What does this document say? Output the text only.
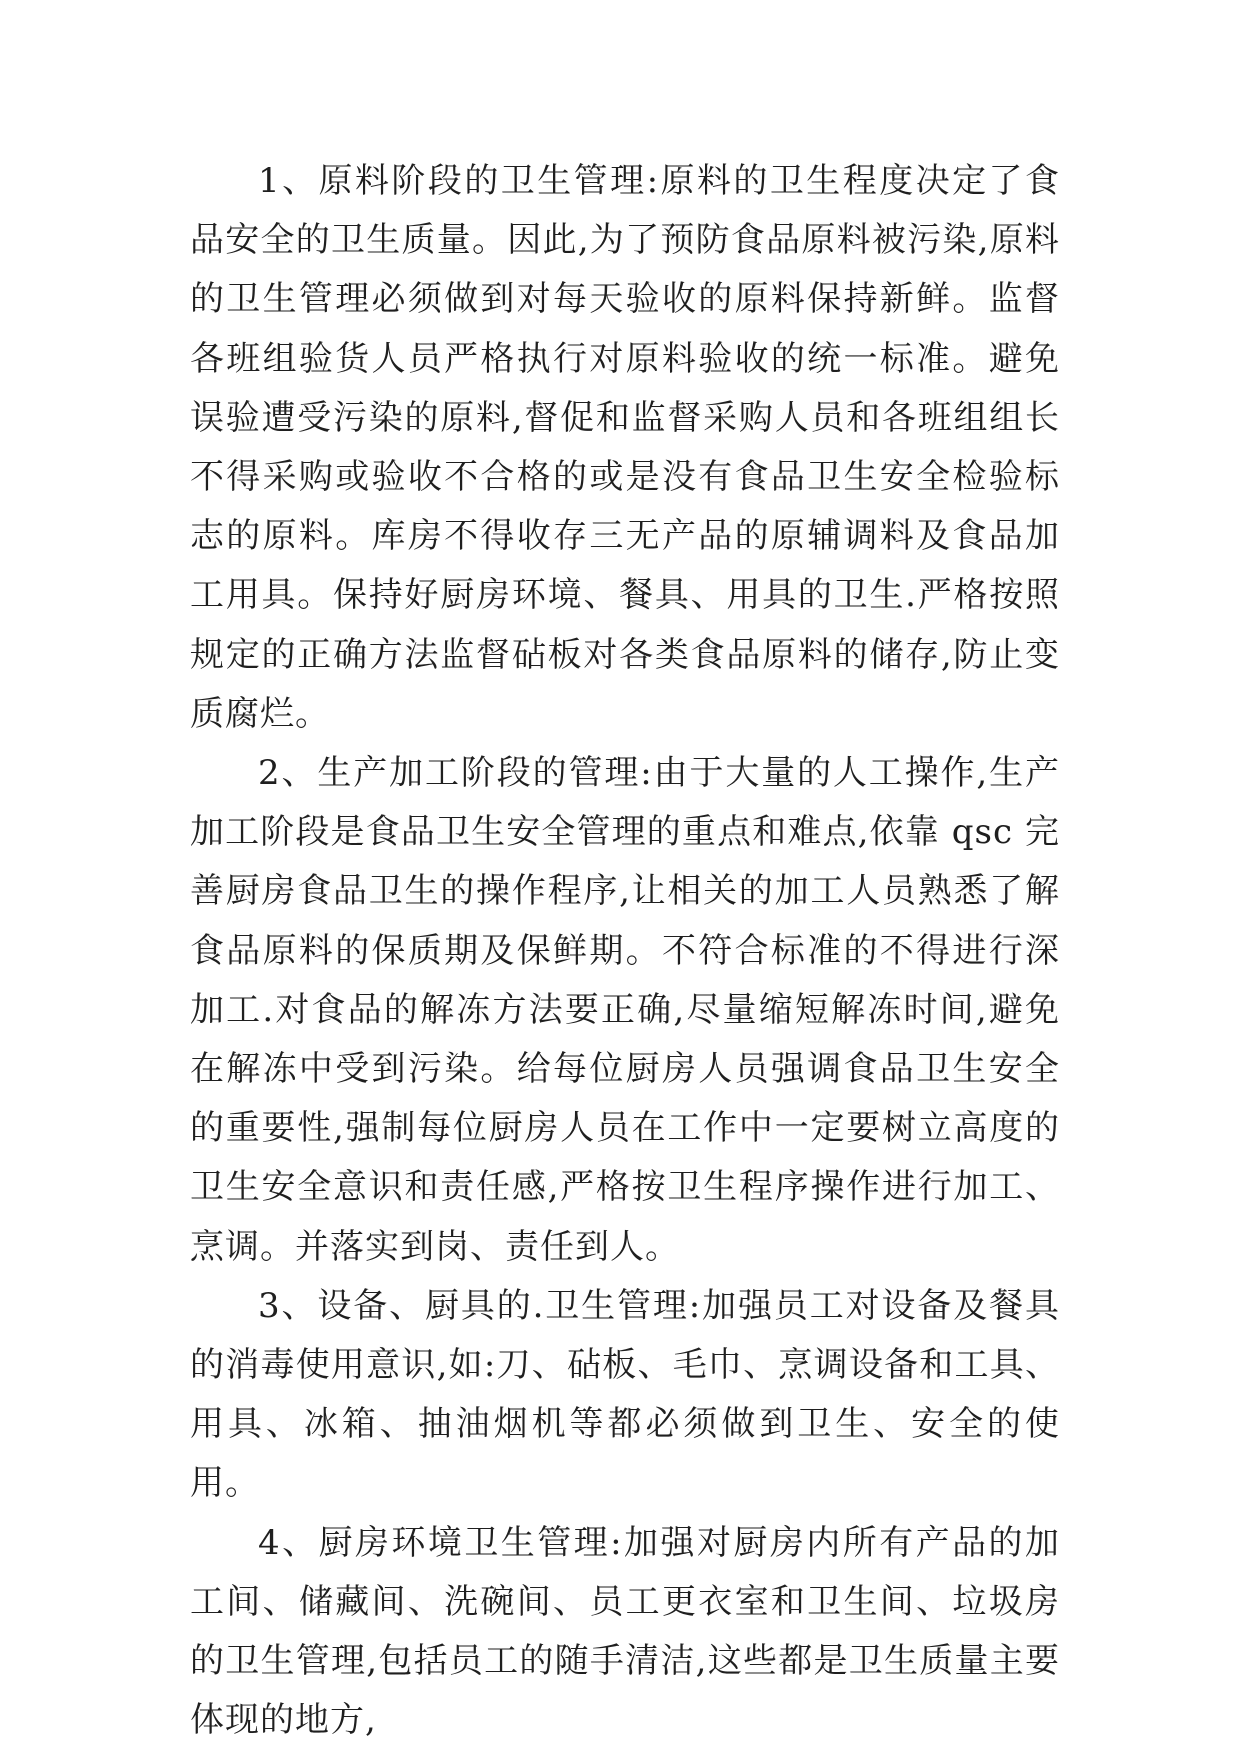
1、原料阶段的卫生管理:原料的卫生程度决定了食品安全的卫生质量。因此,为了预防食品原料被污染,原料的卫生管理必须做到对每天验收的原料保持新鲜。监督各班组验货人员严格执行对原料验收的统一标准。避免误验遭受污染的原料,督促和监督采购人员和各班组组长不得采购或验收不合格的或是没有食品卫生安全检验标志的原料。库房不得收存三无产品的原辅调料及食品加工用具。保持好厨房环境、餐具、用具的卫生.严格按照规定的正确方法监督砧板对各类食品原料的储存,防止变质腐烂。

2、生产加工阶段的管理:由于大量的人工操作,生产加工阶段是食品卫生安全管理的重点和难点,依靠 qsc 完善厨房食品卫生的操作程序,让相关的加工人员熟悉了解食品原料的保质期及保鲜期。不符合标准的不得进行深加工.对食品的解冻方法要正确,尽量缩短解冻时间,避免在解冻中受到污染。给每位厨房人员强调食品卫生安全的重要性,强制每位厨房人员在工作中一定要树立高度的卫生安全意识和责任感,严格按卫生程序操作进行加工、烹调。并落实到岗、责任到人。

3、设备、厨具的.卫生管理:加强员工对设备及餐具的消毒使用意识,如:刀、砧板、毛巾、烹调设备和工具、用具、冰箱、抽油烟机等都必须做到卫生、安全的使用。

4、厨房环境卫生管理:加强对厨房内所有产品的加工间、储藏间、洗碗间、员工更衣室和卫生间、垃圾房的卫生管理,包括员工的随手清洁,这些都是卫生质量主要体现的地方,
